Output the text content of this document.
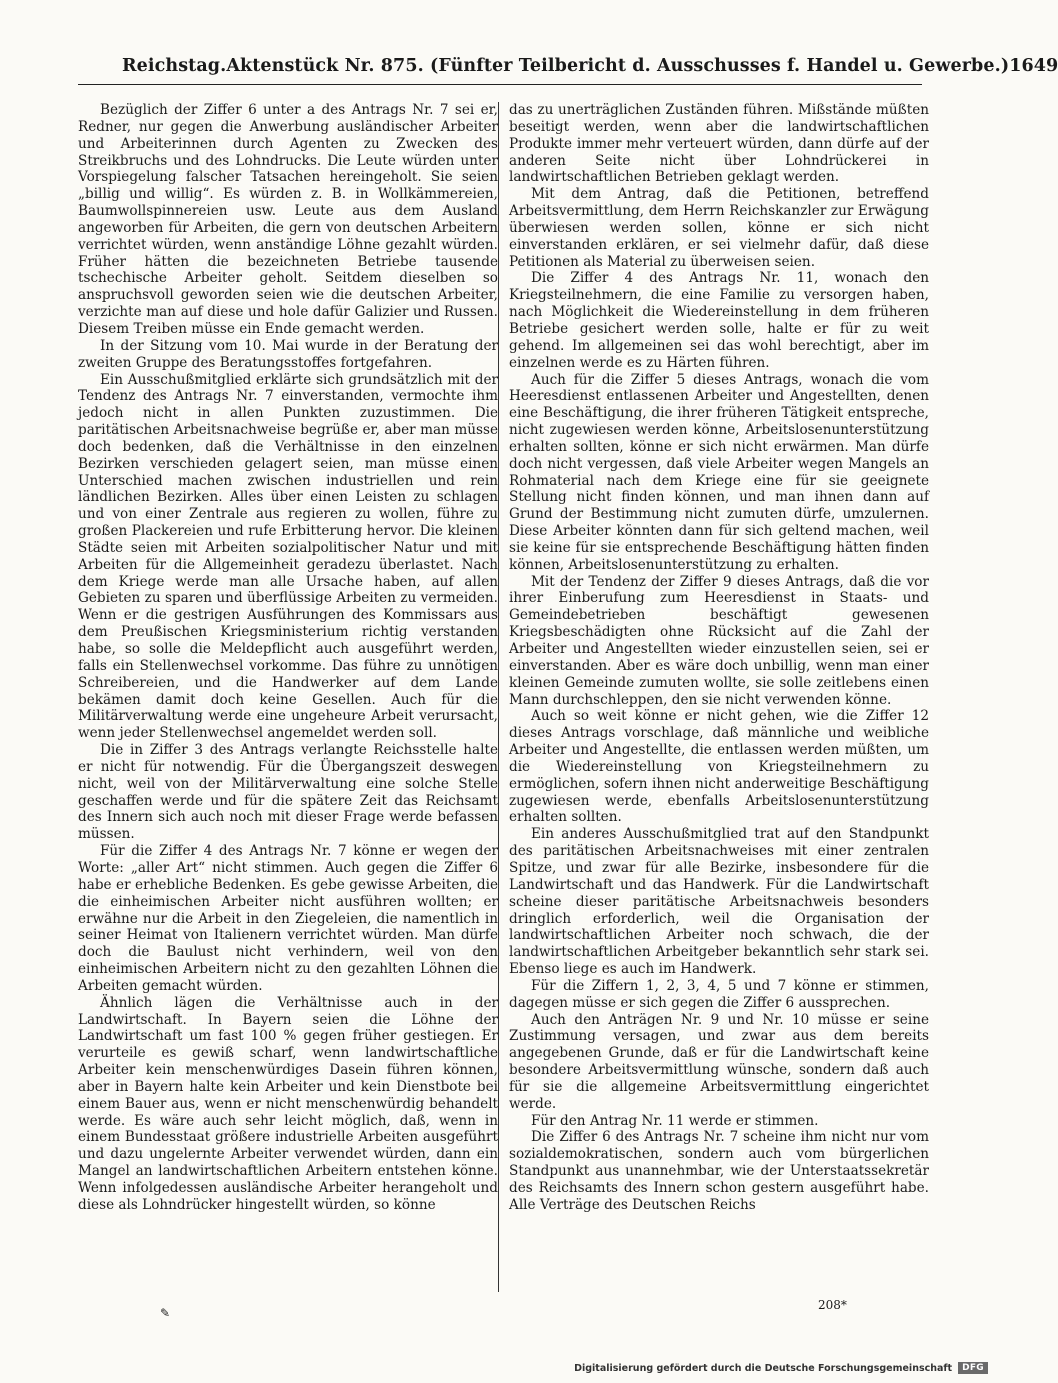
Reichstag. Aktenstück Nr. 875. (Fünfter Teilbericht d. Ausschusses f. Handel u. Gewerbe.) 1649

Bezüglich der Ziffer 6 unter a des Antrags Nr. 7 sei er, Redner, nur gegen die Anwerbung ausländischer Arbeiter und Arbeiterinnen durch Agenten zu Zwecken des Streikbruchs und des Lohndrucks. Die Leute würden unter Vorspiegelung falscher Tatsachen hereingeholt. Sie seien „billig und willig“. Es würden z. B. in Wollkämmereien, Baumwollspinnereien usw. Leute aus dem Ausland angeworben für Arbeiten, die gern von deutschen Arbeitern verrichtet würden, wenn anständige Löhne gezahlt würden. Früher hätten die bezeichneten Betriebe tausende tschechische Arbeiter geholt. Seitdem dieselben so anspruchsvoll geworden seien wie die deutschen Arbeiter, verzichte man auf diese und hole dafür Galizier und Russen. Diesem Treiben müsse ein Ende gemacht werden.

In der Sitzung vom 10. Mai wurde in der Beratung der zweiten Gruppe des Beratungsstoffes fortgefahren.

Ein Ausschußmitglied erklärte sich grundsätzlich mit der Tendenz des Antrags Nr. 7 einverstanden, vermochte ihm jedoch nicht in allen Punkten zuzustimmen. Die paritätischen Arbeitsnachweise begrüße er, aber man müsse doch bedenken, daß die Verhältnisse in den einzelnen Bezirken verschieden gelagert seien, man müsse einen Unterschied machen zwischen industriellen und rein ländlichen Bezirken. Alles über einen Leisten zu schlagen und von einer Zentrale aus regieren zu wollen, führe zu großen Plackereien und rufe Erbitterung hervor. Die kleinen Städte seien mit Arbeiten sozialpolitischer Natur und mit Arbeiten für die Allgemeinheit geradezu überlastet. Nach dem Kriege werde man alle Ursache haben, auf allen Gebieten zu sparen und überflüssige Arbeiten zu vermeiden. Wenn er die gestrigen Ausführungen des Kommissars aus dem Preußischen Kriegsministerium richtig verstanden habe, so solle die Meldepflicht auch ausgeführt werden, falls ein Stellenwechsel vorkomme. Das führe zu unnötigen Schreibereien, und die Handwerker auf dem Lande bekämen damit doch keine Gesellen. Auch für die Militärverwaltung werde eine ungeheure Arbeit verursacht, wenn jeder Stellenwechsel angemeldet werden soll.

Die in Ziffer 3 des Antrags verlangte Reichsstelle halte er nicht für notwendig. Für die Übergangszeit deswegen nicht, weil von der Militärverwaltung eine solche Stelle geschaffen werde und für die spätere Zeit das Reichsamt des Innern sich auch noch mit dieser Frage werde befassen müssen.

Für die Ziffer 4 des Antrags Nr. 7 könne er wegen der Worte: „aller Art“ nicht stimmen. Auch gegen die Ziffer 6 habe er erhebliche Bedenken. Es gebe gewisse Arbeiten, die die einheimischen Arbeiter nicht ausführen wollten; er erwähne nur die Arbeit in den Ziegeleien, die namentlich in seiner Heimat von Italienern verrichtet würden. Man dürfe doch die Baulust nicht verhindern, weil von den einheimischen Arbeitern nicht zu den gezahlten Löhnen die Arbeiten gemacht würden.

Ähnlich lägen die Verhältnisse auch in der Landwirtschaft. In Bayern seien die Löhne der Landwirtschaft um fast 100 % gegen früher gestiegen. Er verurteile es gewiß scharf, wenn landwirtschaftliche Arbeiter kein menschenwürdiges Dasein führen können, aber in Bayern halte kein Arbeiter und kein Dienstbote bei einem Bauer aus, wenn er nicht menschenwürdig behandelt werde. Es wäre auch sehr leicht möglich, daß, wenn in einem Bundesstaat größere industrielle Arbeiten ausgeführt und dazu ungelernte Arbeiter verwendet würden, dann ein Mangel an landwirtschaftlichen Arbeitern entstehen könne. Wenn infolgedessen ausländische Arbeiter herangeholt und diese als Lohndrücker hingestellt würden, so könne

das zu unerträglichen Zuständen führen. Mißstände müßten beseitigt werden, wenn aber die landwirtschaftlichen Produkte immer mehr verteuert würden, dann dürfe auf der anderen Seite nicht über Lohndrückerei in landwirtschaftlichen Betrieben geklagt werden.

Mit dem Antrag, daß die Petitionen, betreffend Arbeitsvermittlung, dem Herrn Reichskanzler zur Erwägung überwiesen werden sollen, könne er sich nicht einverstanden erklären, er sei vielmehr dafür, daß diese Petitionen als Material zu überweisen seien.

Die Ziffer 4 des Antrags Nr. 11, wonach den Kriegsteilnehmern, die eine Familie zu versorgen haben, nach Möglichkeit die Wiedereinstellung in dem früheren Betriebe gesichert werden solle, halte er für zu weit gehend. Im allgemeinen sei das wohl berechtigt, aber im einzelnen werde es zu Härten führen.

Auch für die Ziffer 5 dieses Antrags, wonach die vom Heeresdienst entlassenen Arbeiter und Angestellten, denen eine Beschäftigung, die ihrer früheren Tätigkeit entspreche, nicht zugewiesen werden könne, Arbeitslosenunterstützung erhalten sollten, könne er sich nicht erwärmen. Man dürfe doch nicht vergessen, daß viele Arbeiter wegen Mangels an Rohmaterial nach dem Kriege eine für sie geeignete Stellung nicht finden können, und man ihnen dann auf Grund der Bestimmung nicht zumuten dürfe, umzulernen. Diese Arbeiter könnten dann für sich geltend machen, weil sie keine für sie entsprechende Beschäftigung hätten finden können, Arbeitslosenunterstützung zu erhalten.

Mit der Tendenz der Ziffer 9 dieses Antrags, daß die vor ihrer Einberufung zum Heeresdienst in Staats- und Gemeindebetrieben beschäftigt gewesenen Kriegsbeschädigten ohne Rücksicht auf die Zahl der Arbeiter und Angestellten wieder einzustellen seien, sei er einverstanden. Aber es wäre doch unbillig, wenn man einer kleinen Gemeinde zumuten wollte, sie solle zeitlebens einen Mann durchschleppen, den sie nicht verwenden könne.

Auch so weit könne er nicht gehen, wie die Ziffer 12 dieses Antrags vorschlage, daß männliche und weibliche Arbeiter und Angestellte, die entlassen werden müßten, um die Wiedereinstellung von Kriegsteilnehmern zu ermöglichen, sofern ihnen nicht anderweitige Beschäftigung zugewiesen werde, ebenfalls Arbeitslosenunterstützung erhalten sollten.

Ein anderes Ausschußmitglied trat auf den Standpunkt des paritätischen Arbeitsnachweises mit einer zentralen Spitze, und zwar für alle Bezirke, insbesondere für die Landwirtschaft und das Handwerk. Für die Landwirtschaft scheine dieser paritätische Arbeitsnachweis besonders dringlich erforderlich, weil die Organisation der landwirtschaftlichen Arbeiter noch schwach, die der landwirtschaftlichen Arbeitgeber bekanntlich sehr stark sei. Ebenso liege es auch im Handwerk.

Für die Ziffern 1, 2, 3, 4, 5 und 7 könne er stimmen, dagegen müsse er sich gegen die Ziffer 6 aussprechen.

Auch den Anträgen Nr. 9 und Nr. 10 müsse er seine Zustimmung versagen, und zwar aus dem bereits angegebenen Grunde, daß er für die Landwirtschaft keine besondere Arbeitsvermittlung wünsche, sondern daß auch für sie die allgemeine Arbeitsvermittlung eingerichtet werde.

Für den Antrag Nr. 11 werde er stimmen.

Die Ziffer 6 des Antrags Nr. 7 scheine ihm nicht nur vom sozialdemokratischen, sondern auch vom bürgerlichen Standpunkt aus unannehmbar, wie der Unterstaatssekretär des Reichsamts des Innern schon gestern ausgeführt habe. Alle Verträge des Deutschen Reichs

208*
✎
Digitalisierung gefördert durch die Deutsche Forschungsgemeinschaft	DFG
